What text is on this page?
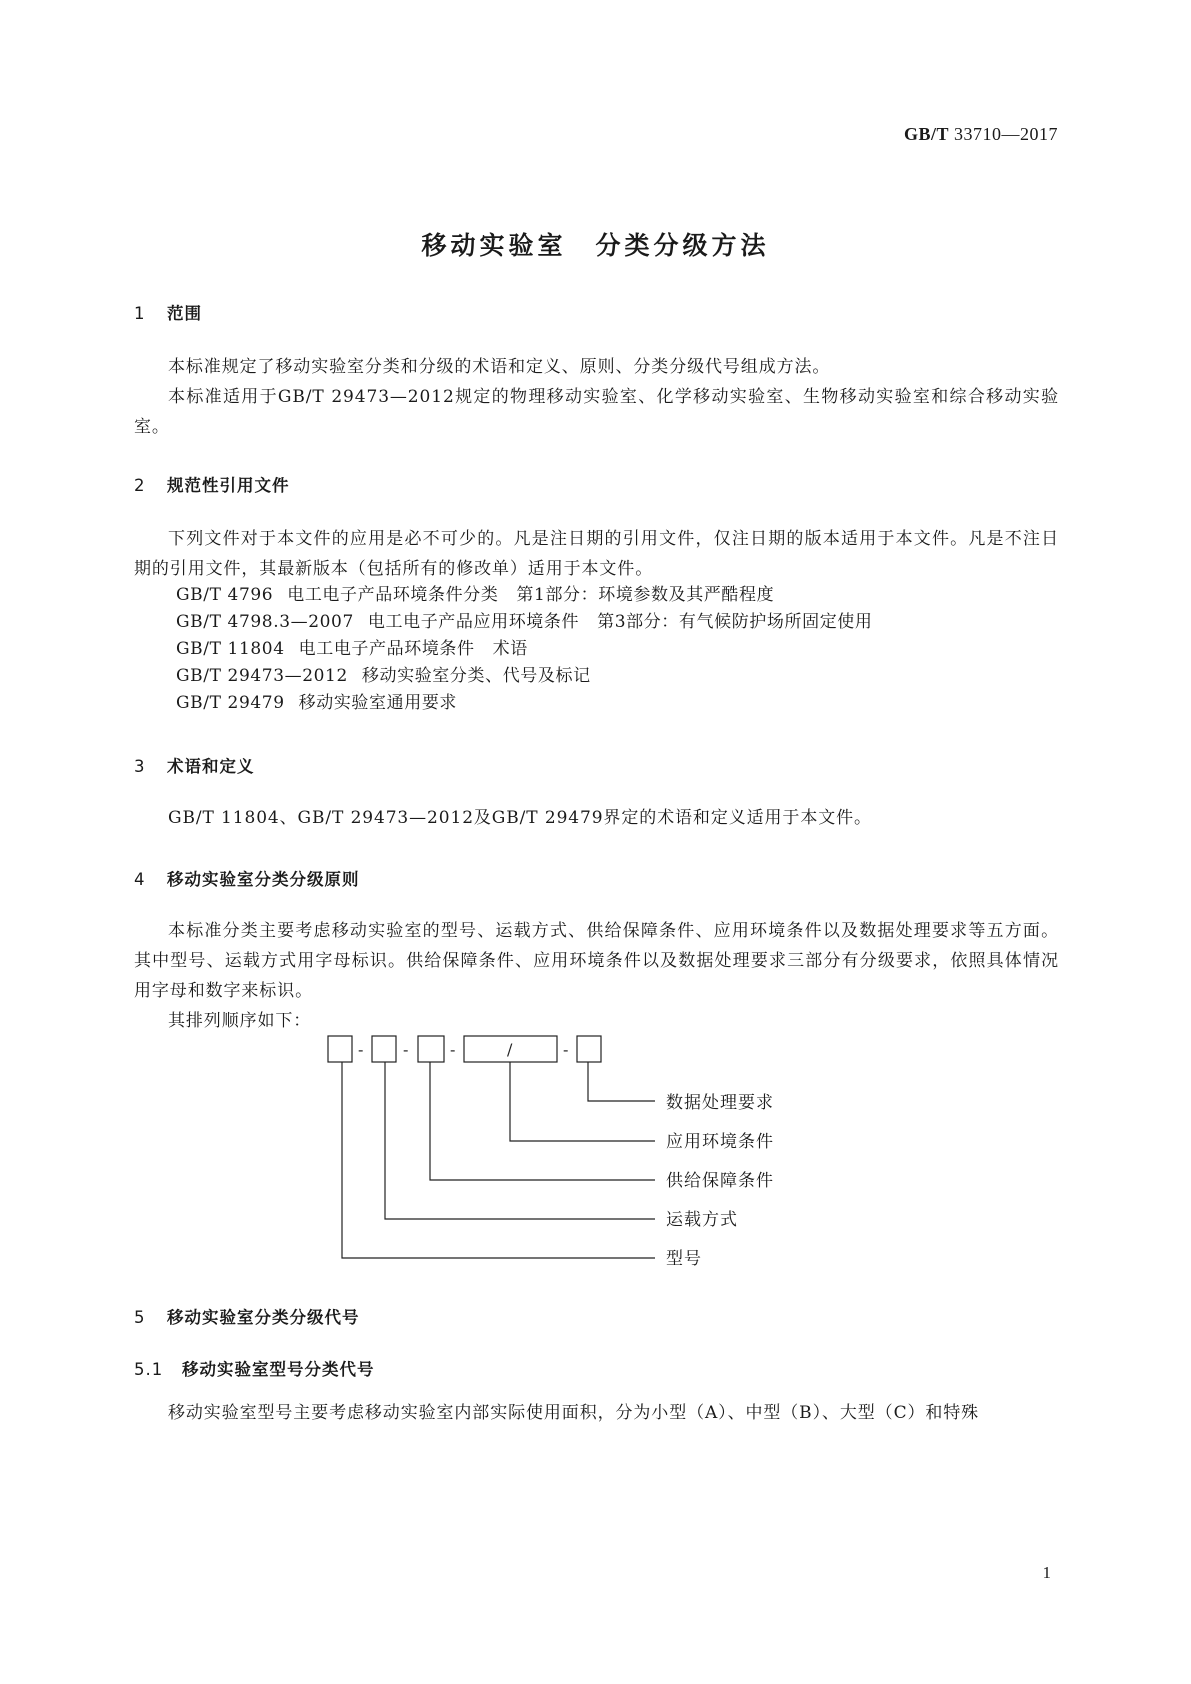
GB/T 33710—2017
移动实验室　分类分级方法
1 范围

本标准规定了移动实验室分类和分级的术语和定义、原则、分类分级代号组成方法。

本标准适用于GB/T 29473—2012规定的物理移动实验室、化学移动实验室、生物移动实验室和综合移动实验室。

2 规范性引用文件

下列文件对于本文件的应用是必不可少的。凡是注日期的引用文件，仅注日期的版本适用于本文件。凡是不注日期的引用文件，其最新版本（包括所有的修改单）适用于本文件。

GB/T 4796 电工电子产品环境条件分类 第1部分：环境参数及其严酷程度
GB/T 4798.3—2007 电工电子产品应用环境条件 第3部分：有气候防护场所固定使用
GB/T 11804 电工电子产品环境条件 术语
GB/T 29473—2012 移动实验室分类、代号及标记
GB/T 29479 移动实验室通用要求
3 术语和定义

GB/T 11804、GB/T 29473—2012及GB/T 29479界定的术语和定义适用于本文件。

4 移动实验室分类分级原则

本标准分类主要考虑移动实验室的型号、运载方式、供给保障条件、应用环境条件以及数据处理要求等五方面。其中型号、运载方式用字母标识。供给保障条件、应用环境条件以及数据处理要求三部分有分级要求，依照具体情况用字母和数字来标识。

其排列顺序如下：

- -	-	/	-
数据处理要求
应用环境条件
供给保障条件
运载方式
型号
5 移动实验室分类分级代号
5.1 移动实验室型号分类代号

移动实验室型号主要考虑移动实验室内部实际使用面积，分为小型（A）、中型（B）、大型（C）和特殊

1
